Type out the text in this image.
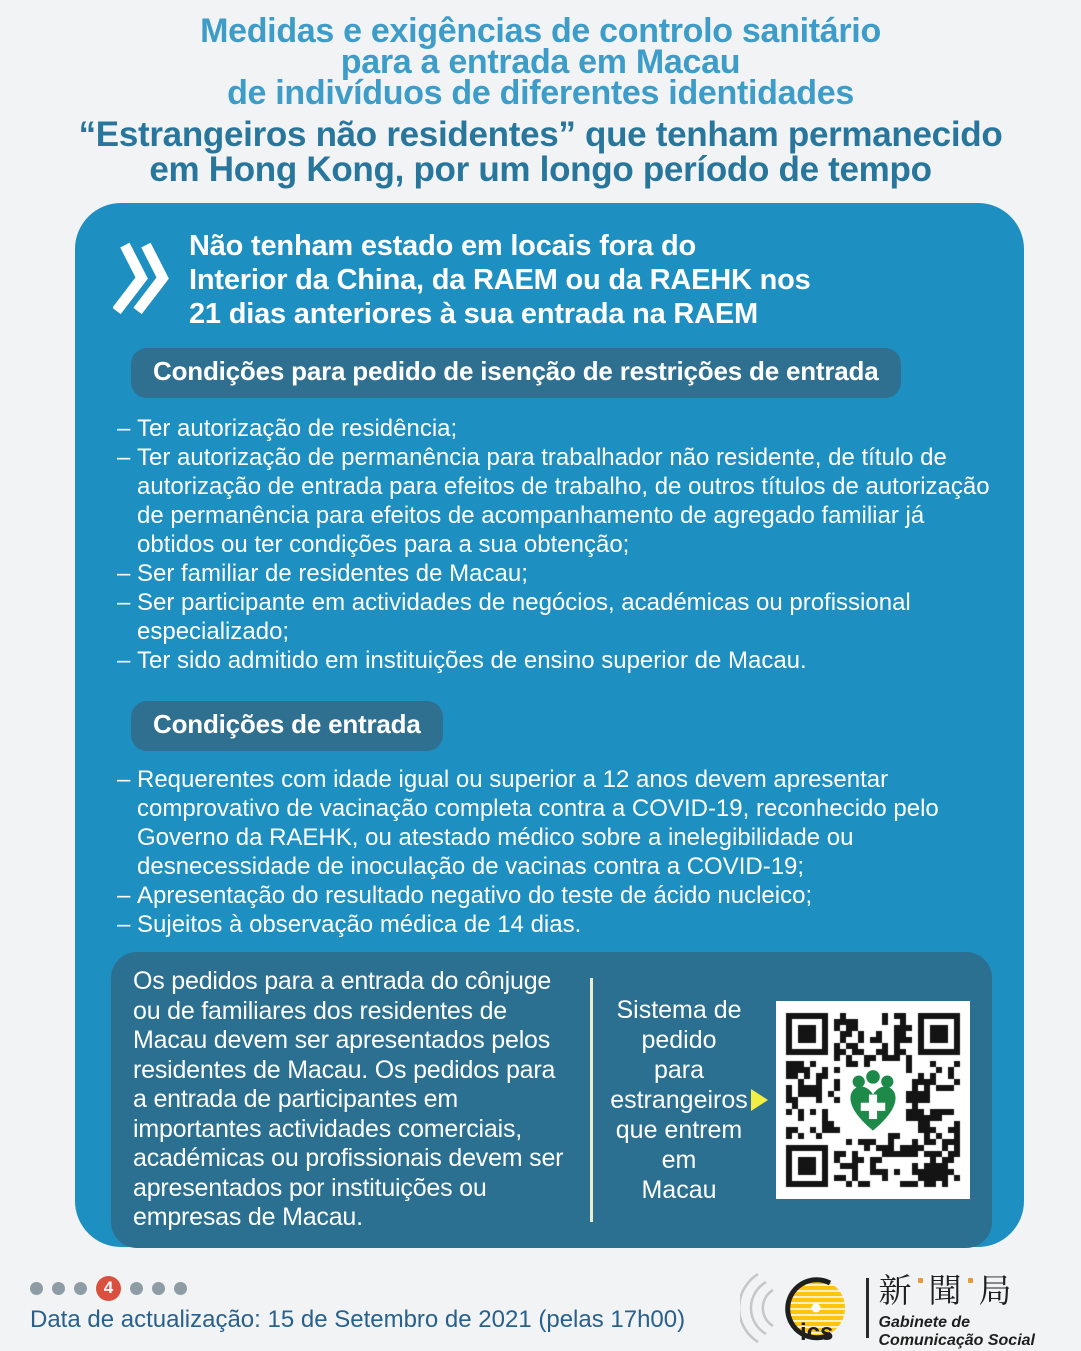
Medidas e exigências de controlo sanitário
para a entrada em Macau
de indivíduos de diferentes identidades
“Estrangeiros não residentes” que tenham permanecido
em Hong Kong, por um longo período de tempo
Não tenham estado em locais fora do
Interior da China, da RAEM ou da RAEHK nos
21 dias anteriores à sua entrada na RAEM
Condições para pedido de isenção de restrições de entrada
– Ter autorização de residência;
– Ter autorização de permanência para trabalhador não residente, de título de autorização de entrada para efeitos de trabalho, de outros títulos de autorização de permanência para efeitos de acompanhamento de agregado familiar já obtidos ou ter condições para a sua obtenção;
– Ser familiar de residentes de Macau;
– Ser participante em actividades de negócios, académicas ou profissional especializado;
– Ter sido admitido em instituições de ensino superior de Macau.
Condições de entrada
– Requerentes com idade igual ou superior a 12 anos devem apresentar comprovativo de vacinação completa contra a COVID-19, reconhecido pelo Governo da RAEHK, ou atestado médico sobre a inelegibilidade ou desnecessidade de inoculação de vacinas contra a COVID-19;
– Apresentação do resultado negativo do teste de ácido nucleico;
– Sujeitos à observação médica de 14 dias.

Os pedidos para a entrada do cônjuge ou de familiares dos residentes de Macau devem ser apresentados pelos residentes de Macau. Os pedidos para a entrada de participantes em importantes actividades comerciais, académicas ou profissionais devem ser apresentados por instituições ou empresas de Macau.

Sistema de pedido
para estrangeiros
que entrem em
Macau
4
Data de actualização: 15 de Setembro de 2021 (pelas 17h00)	ics
新 聞 局
Gabinete de
Comunicação Social
